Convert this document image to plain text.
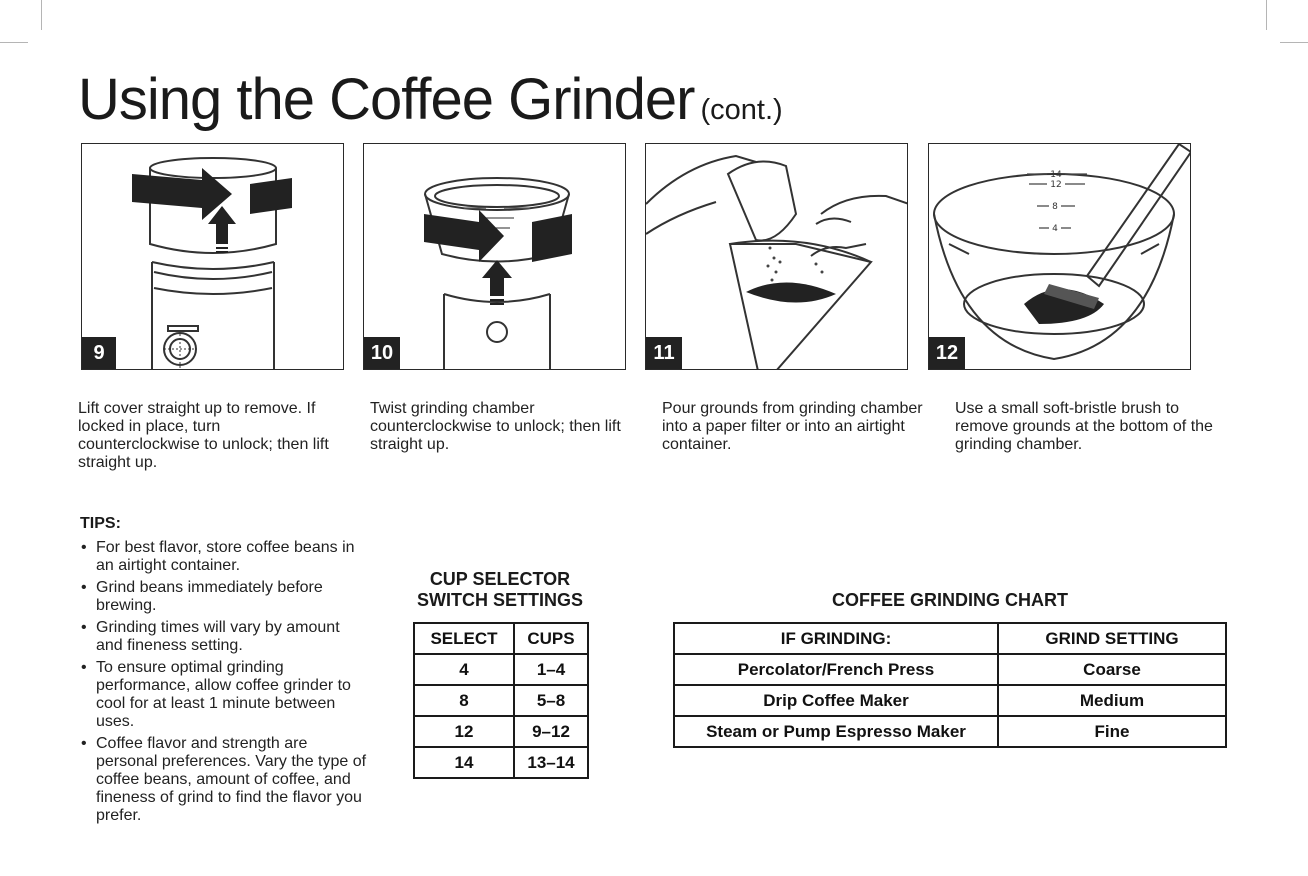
Using the Coffee Grinder (cont.)
9	10	11
14
12
8
4
12

Lift cover straight up to remove. If locked in place, turn counterclockwise to unlock; then lift straight up.

Twist grinding chamber counterclockwise to unlock; then lift straight up.

Pour grounds from grinding chamber into a paper filter or into an airtight container.

Use a small soft-bristle brush to remove grounds at the bottom of the grinding chamber.

TIPS:

• For best flavor, store coffee beans in an airtight container.
• Grind beans immediately before brewing.
• Grinding times will vary by amount and fineness setting.
• To ensure optimal grinding performance, allow coffee grinder to cool for at least 1 minute between uses.
• Coffee flavor and strength are personal preferences. Vary the type of coffee beans, amount of coffee, and fineness of grind to find the flavor you prefer.

CUP SELECTOR
SWITCH SETTINGS

SELECT	CUPS
4	1–4
8	5–8
12	9–12
14	13–14

COFFEE GRINDING CHART

IF GRINDING:	GRIND SETTING
Percolator/French Press	Coarse
Drip Coffee Maker	Medium
Steam or Pump Espresso Maker	Fine
